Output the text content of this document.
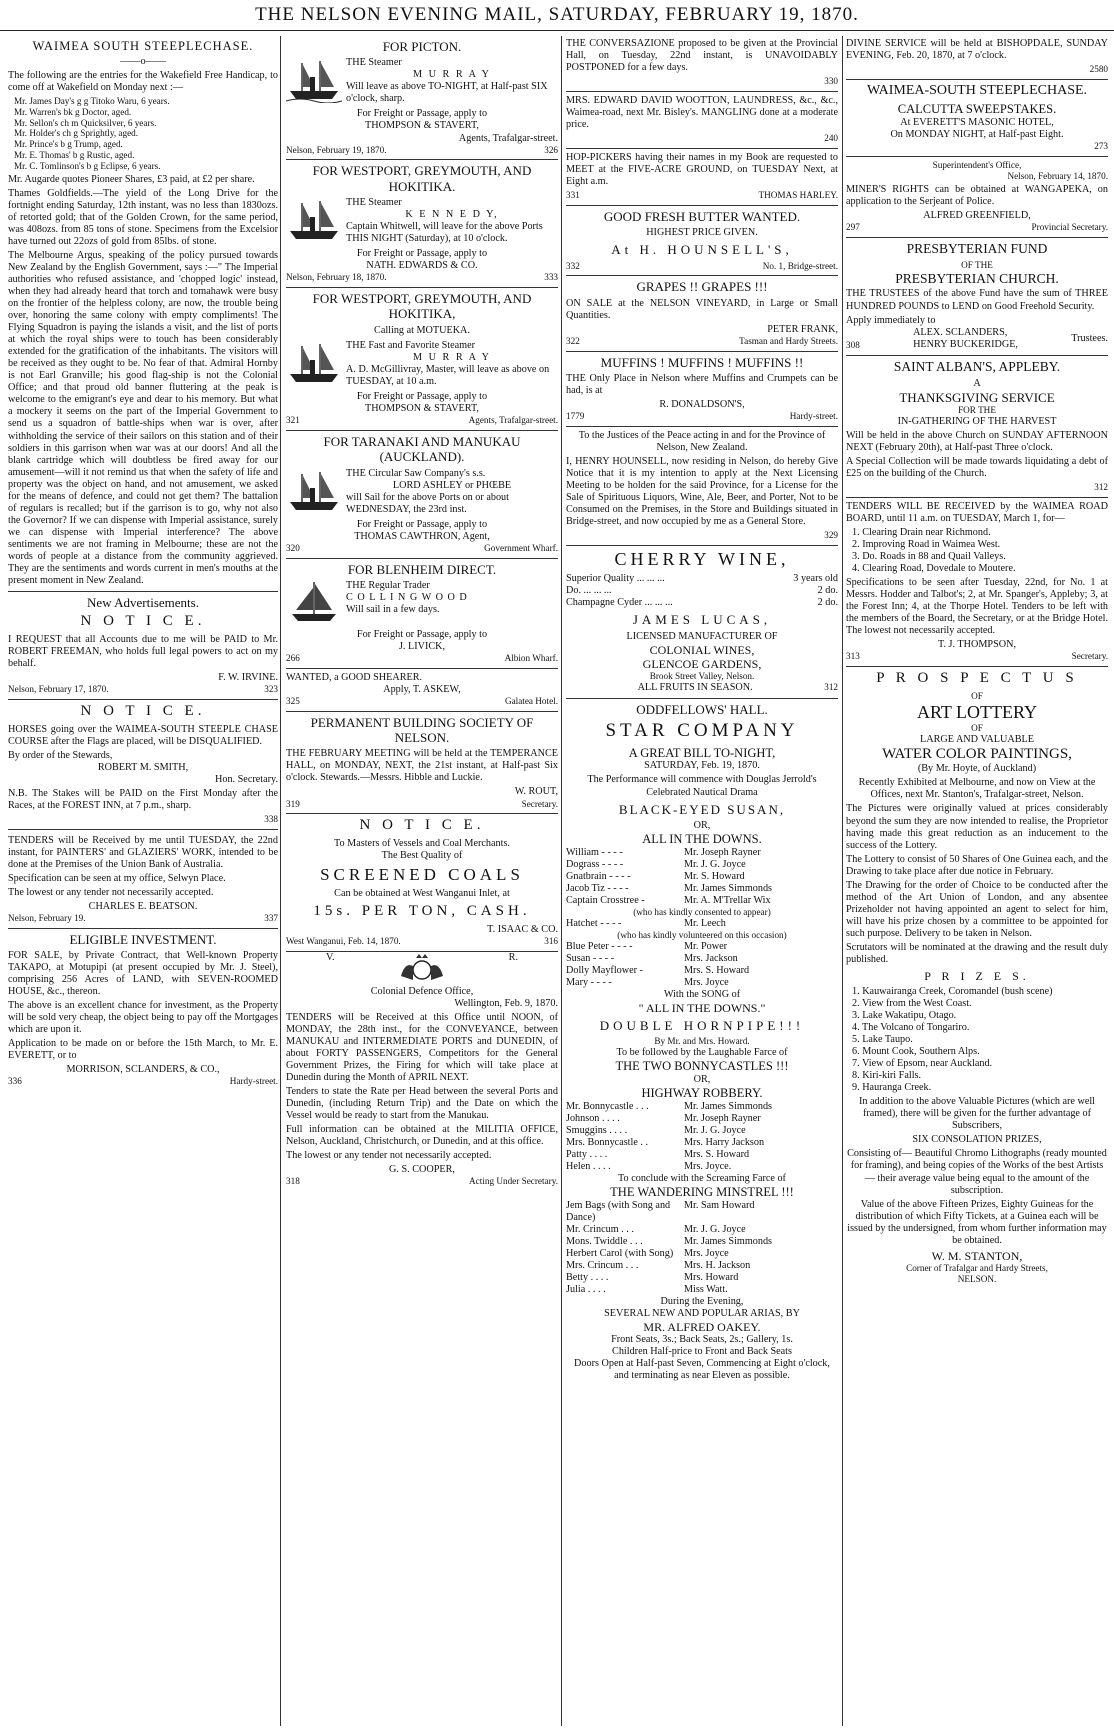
THE NELSON EVENING MAIL, SATURDAY, FEBRUARY 19, 1870.
WAIMEA SOUTH STEEPLECHASE.
——o——

The following are the entries for the Wakefield Free Handicap, to come off at Wakefield on Monday next :—

Mr. James Day's g g Titoko Waru, 6 years.
Mr. Warren's bk g Doctor, aged.
Mr. Sellon's ch m Quicksilver, 6 years.
Mr. Holder's ch g Sprightly, aged.
Mr. Prince's b g Trump, aged.
Mr. E. Thomas' b g Rustic, aged.
Mr. C. Tomlinson's b g Eclipse, 6 years.

Mr. Augarde quotes Pioneer Shares, £3 paid, at £2 per share.

Thames Goldfields.—The yield of the Long Drive for the fortnight ending Saturday, 12th instant, was no less than 1830ozs. of retorted gold; that of the Golden Crown, for the same period, was 408ozs. from 85 tons of stone. Specimens from the Excelsior have turned out 22ozs of gold from 85lbs. of stone.

The Melbourne Argus, speaking of the policy pursued towards New Zealand by the English Government, says :—" The Imperial authorities who refused assistance, and 'chopped logic' instead, when they had already heard that torch and tomahawk were busy on the frontier of the helpless colony, are now, the trouble being over, honoring the same colony with empty compliments! The Flying Squadron is paying the islands a visit, and the list of ports at which the royal ships were to touch has been considerably extended for the gratification of the inhabitants. The visitors will be received as they ought to be. No fear of that. Admiral Hornby is not Earl Granville; his good flag-ship is not the Colonial Office; and that proud old banner fluttering at the peak is welcome to the emigrant's eye and dear to his memory. But what a mockery it seems on the part of the Imperial Government to send us a squadron of battle-ships when war is over, after withholding the service of their sailors on this station and of their soldiers in this garrison when war was at our doors! And all the blank cartridge which will doubtless be fired away for our amusement—will it not remind us that when the safety of life and property was the object on hand, and not amusement, we asked for the means of defence, and could not get them? The battalion of regulars is recalled; but if the garrison is to go, why not also the Governor? If we can dispense with Imperial assistance, surely we can dispense with Imperial interference? The above sentiments we are not framing in Melbourne; these are not the words of people at a distance from the community aggrieved. They are the sentiments and words current in men's mouths at the present moment in New Zealand.

New Advertisements.
N O T I C E.

I REQUEST that all Accounts due to me will be PAID to Mr. ROBERT FREEMAN, who holds full legal powers to act on my behalf.

F. W. IRVINE.
Nelson, February 17, 1870.	323
N O T I C E.

HORSES going over the WAIMEA-SOUTH STEEPLE CHASE COURSE after the Flags are placed, will be DISQUALIFIED.

By order of the Stewards,
ROBERT M. SMITH,
Hon. Secretary.

N.B. The Stakes will be PAID on the First Monday after the Races, at the FOREST INN, at 7 p.m., sharp.

338

TENDERS will be Received by me until TUESDAY, the 22nd instant, for PAINTERS' and GLAZIERS' WORK, intended to be done at the Premises of the Union Bank of Australia.

Specification can be seen at my office, Selwyn Place.

The lowest or any tender not necessarily accepted.

CHARLES E. BEATSON.
Nelson, February 19.	337
ELIGIBLE INVESTMENT.

FOR SALE, by Private Contract, that Well-known Property TAKAPO, at Motupipi (at present occupied by Mr. J. Steel), comprising 256 Acres of LAND, with SEVEN-ROOMED HOUSE, &c., thereon.

The above is an excellent chance for investment, as the Property will be sold very cheap, the object being to pay off the Mortgages which are upon it.

Application to be made on or before the 15th March, to Mr. E. EVERETT, or to

MORRISON, SCLANDERS, & CO.,
336	Hardy-street.
FOR PICTON.
THE Steamer
M U R R A Y
Will leave as above TO-NIGHT, at Half-past SIX o'clock, sharp.
For Freight or Passage, apply to
THOMPSON & STAVERT,
Agents, Trafalgar-street.
Nelson, February 19, 1870.	326
FOR WESTPORT, GREYMOUTH, AND HOKITIKA.
THE Steamer
K E N N E D Y,
Captain Whitwell, will leave for the above Ports THIS NIGHT (Saturday), at 10 o'clock.
For Freight or Passage, apply to
NATH. EDWARDS & CO.
Nelson, February 18, 1870.	333
FOR WESTPORT, GREYMOUTH, AND HOKITIKA,
Calling at MOTUEKA.
THE Fast and Favorite Steamer
M U R R A Y
A. D. McGillivray, Master, will leave as above on TUESDAY, at 10 a.m.
For Freight or Passage, apply to
THOMPSON & STAVERT,
321	Agents, Trafalgar-street.
FOR TARANAKI AND MANUKAU (AUCKLAND).
THE Circular Saw Company's s.s.
LORD ASHLEY or PHŒBE
will Sail for the above Ports on or about WEDNESDAY, the 23rd inst.
For Freight or Passage, apply to
THOMAS CAWTHRON, Agent,
320	Government Wharf.
FOR BLENHEIM DIRECT.
THE Regular Trader
C O L L I N G W O O D
Will sail in a few days.
For Freight or Passage, apply to
J. LIVICK,
266	Albion Wharf.
WANTED, a GOOD SHEARER.
Apply, T. ASKEW,
325	Galatea Hotel.
PERMANENT BUILDING SOCIETY OF NELSON.

THE FEBRUARY MEETING will be held at the TEMPERANCE HALL, on MONDAY, NEXT, the 21st instant, at Half-past Six o'clock. Stewards.—Messrs. Hibble and Luckie.

W. ROUT,
319	Secretary.
N O T I C E.
To Masters of Vessels and Coal Merchants.
The Best Quality of
SCREENED COALS
Can be obtained at West Wanganui Inlet, at
15s. PER TON, CASH.
T. ISAAC & CO.
West Wanganui, Feb. 14, 1870.	316
V.	R.
Colonial Defence Office,
Wellington, Feb. 9, 1870.

TENDERS will be Received at this Office until NOON, of MONDAY, the 28th inst., for the CONVEYANCE, between MANUKAU and INTERMEDIATE PORTS and DUNEDIN, of about FORTY PASSENGERS, Competitors for the General Government Prizes, the Firing for which will take place at Dunedin during the Month of APRIL NEXT.

Tenders to state the Rate per Head between the several Ports and Dunedin, (including Return Trip) and the Date on which the Vessel would be ready to start from the Manukau.

Full information can be obtained at the MILITIA OFFICE, Nelson, Auckland, Christchurch, or Dunedin, and at this office.

The lowest or any tender not necessarily accepted.

G. S. COOPER,
318	Acting Under Secretary.

THE CONVERSAZIONE proposed to be given at the Provincial Hall, on Tuesday, 22nd instant, is UNAVOIDABLY POSTPONED for a few days.

330

MRS. EDWARD DAVID WOOTTON, LAUNDRESS, &c., &c., Waimea-road, next Mr. Bisley's. MANGLING done at a moderate price.

240

HOP-PICKERS having their names in my Book are requested to MEET at the FIVE-ACRE GROUND, on TUESDAY Next, at Eight a.m.

331	THOMAS HARLEY.
GOOD FRESH BUTTER WANTED.
HIGHEST PRICE GIVEN.
At H. HOUNSELL'S,
332	No. 1, Bridge-street.
GRAPES !! GRAPES !!!

ON SALE at the NELSON VINEYARD, in Large or Small Quantities.

PETER FRANK,
322	Tasman and Hardy Streets.
MUFFINS ! MUFFINS ! MUFFINS !!

THE Only Place in Nelson where Muffins and Crumpets can be had, is at

R. DONALDSON'S,
1779	Hardy-street.

To the Justices of the Peace acting in and for the Province of Nelson, New Zealand.

I, HENRY HOUNSELL, now residing in Nelson, do hereby Give Notice that it is my intention to apply at the Next Licensing Meeting to be holden for the said Province, for a License for the Sale of Spirituous Liquors, Wine, Ale, Beer, and Porter, Not to be Consumed on the Premises, in the Store and Buildings situated in Bridge-street, and now occupied by me as a General Store.

329
CHERRY WINE,
Superior Quality ... ... ...	3 years old
Do. ... ... ...	2 do.
Champagne Cyder ... ... ...	2 do.
JAMES LUCAS,
LICENSED MANUFACTURER OF
COLONIAL WINES,
GLENCOE GARDENS,
Brook Street Valley, Nelson.
ALL FRUITS IN SEASON.	312
ODDFELLOWS' HALL.
STAR COMPANY
A GREAT BILL TO-NIGHT,
SATURDAY, Feb. 19, 1870.

The Performance will commence with Douglas Jerrold's Celebrated Nautical Drama

BLACK-EYED SUSAN,
OR,
ALL IN THE DOWNS.
William - - - -	Mr. Joseph Rayner
Dograss - - - -	Mr. J. G. Joyce
Gnatbrain - - - -	Mr. S. Howard
Jacob Tiz - - - -	Mr. James Simmonds
Captain Crosstree -	Mr. A. M'Trellar Wix
(who has kindly consented to appear)
Hatchet - - - -	Mr. Leech
(who has kindly volunteered on this occasion)
Blue Peter - - - -	Mr. Power
Susan - - - -	Mrs. Jackson
Dolly Mayflower -	Mrs. S. Howard
Mary - - - -	Mrs. Joyce
With the SONG of
" ALL IN THE DOWNS."
DOUBLE HORNPIPE!!!
By Mr. and Mrs. Howard.
To be followed by the Laughable Farce of
THE TWO BONNYCASTLES !!!
OR,
HIGHWAY ROBBERY.
Mr. Bonnycastle . . .	Mr. James Simmonds
Johnson . . . .	Mr. Joseph Rayner
Smuggins . . . .	Mr. J. G. Joyce
Mrs. Bonnycastle . .	Mrs. Harry Jackson
Patty . . . .	Mrs. S. Howard
Helen . . . .	Mrs. Joyce.
To conclude with the Screaming Farce of
THE WANDERING MINSTREL !!!
Jem Bags (with Song and Dance)
Mr. Sam Howard
Mr. Crincum . . .	Mr. J. G. Joyce
Mons. Twiddle . . .	Mr. James Simmonds
Herbert Carol (with Song)	Mrs. Joyce
Mrs. Crincum . . .	Mrs. H. Jackson
Betty . . . .	Mrs. Howard
Julia . . . .	Miss Watt.
During the Evening,
SEVERAL NEW AND POPULAR ARIAS, BY
MR. ALFRED OAKEY.
Front Seats, 3s.; Back Seats, 2s.; Gallery, 1s.
Children Half-price to Front and Back Seats
Doors Open at Half-past Seven, Commencing at Eight o'clock, and terminating as near Eleven as possible.

DIVINE SERVICE will be held at BISHOPDALE, SUNDAY EVENING, Feb. 20, 1870, at 7 o'clock.

2580
WAIMEA-SOUTH STEEPLECHASE.
CALCUTTA SWEEPSTAKES.
At EVERETT'S MASONIC HOTEL,
On MONDAY NIGHT, at Half-past Eight.
273
Superintendent's Office,
Nelson, February 14, 1870.

MINER'S RIGHTS can be obtained at WANGAPEKA, on application to the Serjeant of Police.

ALFRED GREENFIELD,
297	Provincial Secretary.
PRESBYTERIAN FUND
OF THE
PRESBYTERIAN CHURCH.

THE TRUSTEES of the above Fund have the sum of THREE HUNDRED POUNDS to LEND on Good Freehold Security.

Apply immediately to
308
ALEX. SCLANDERS,
HENRY BUCKERIDGE,
Trustees.
SAINT ALBAN'S, APPLEBY.
A
THANKSGIVING SERVICE
FOR THE
IN-GATHERING OF THE HARVEST

Will be held in the above Church on SUNDAY AFTERNOON NEXT (February 20th), at Half-past Three o'clock.

A Special Collection will be made towards liquidating a debt of £25 on the building of the Church.

312

TENDERS WILL BE RECEIVED by the WAIMEA ROAD BOARD, until 11 a.m. on TUESDAY, March 1, for—

1. Clearing Drain near Richmond.
2. Improving Road in Waimea West.
3. Do. Roads in 88 and Quail Valleys.
4. Clearing Road, Dovedale to Moutere.

Specifications to be seen after Tuesday, 22nd, for No. 1 at Messrs. Hodder and Talbot's; 2, at Mr. Spanger's, Appleby; 3, at the Forest Inn; 4, at the Thorpe Hotel. Tenders to be left with the members of the Board, the Secretary, or at the Bridge Hotel. The lowest not necessarily accepted.

T. J. THOMPSON,
313	Secretary.
P R O S P E C T U S
OF
ART LOTTERY
OF
LARGE AND VALUABLE
WATER COLOR PAINTINGS,
(By Mr. Hoyte, of Auckland)

Recently Exhibited at Melbourne, and now on View at the Offices, next Mr. Stanton's, Trafalgar-street, Nelson.

The Pictures were originally valued at prices considerably beyond the sum they are now intended to realise, the Proprietor having made this great reduction as an inducement to the success of the Lottery.

The Lottery to consist of 50 Shares of One Guinea each, and the Drawing to take place after due notice in February.

The Drawing for the order of Choice to be conducted after the method of the Art Union of London, and any absentee Prizeholder not having appointed an agent to select for him, will have his prize chosen by a committee to be appointed for such purpose. Delivery to be taken in Nelson.

Scrutators will be nominated at the drawing and the result duly published.

P R I Z E S.
1. Kauwairanga Creek, Coromandel (bush scene)
2. View from the West Coast.
3. Lake Wakatipu, Otago.
4. The Volcano of Tongariro.
5. Lake Taupo.
6. Mount Cook, Southern Alps.
7. View of Epsom, near Auckland.
8. Kiri-kiri Falls.
9. Hauranga Creek.

In addition to the above Valuable Pictures (which are well framed), there will be given for the further advantage of Subscribers,

SIX CONSOLATION PRIZES,

Consisting of— Beautiful Chromo Lithographs (ready mounted for framing), and being copies of the Works of the best Artists— their average value being equal to the amount of the subscription.

Value of the above Fifteen Prizes, Eighty Guineas for the distribution of which Fifty Tickets, at a Guinea each will be issued by the undersigned, from whom further information may be obtained.

W. M. STANTON,
Corner of Trafalgar and Hardy Streets,
NELSON.
